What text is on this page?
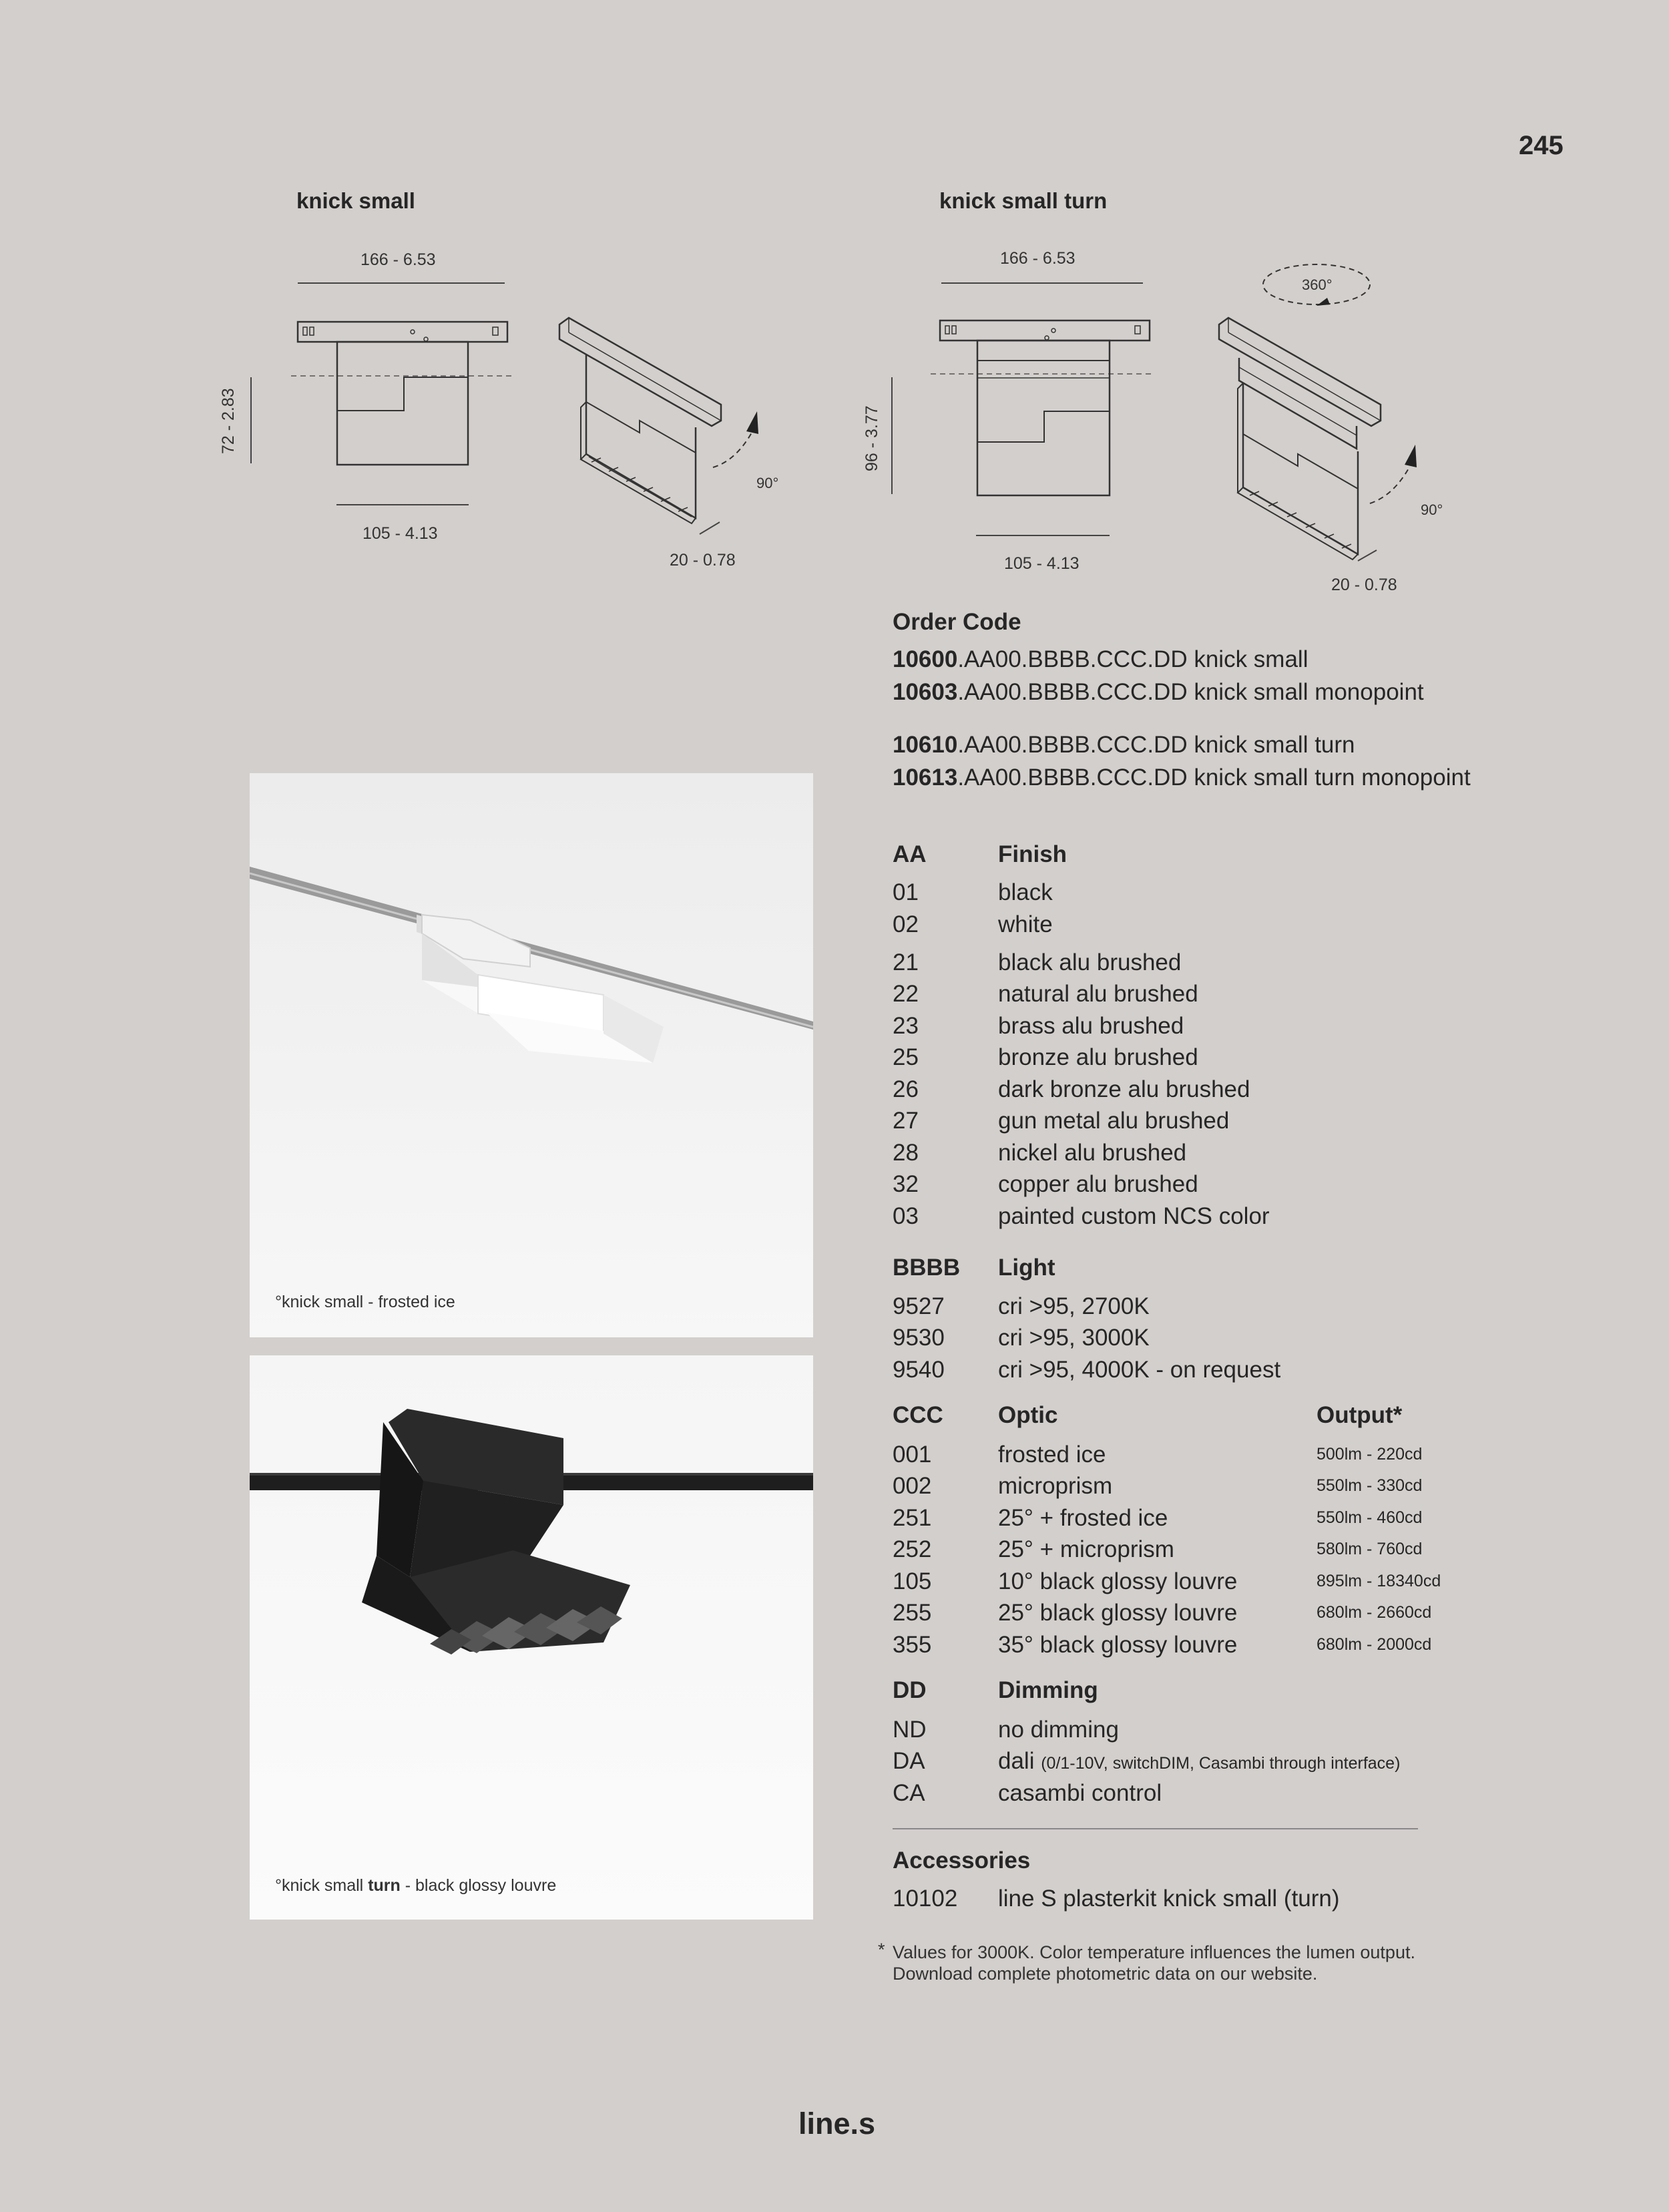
245
knick small
166 - 6.53
72 - 2.83
105 - 4.13
20 - 0.78
90°
knick small turn
166 - 6.53
96 - 3.77
105 - 4.13
20 - 0.78
90°
360°
°knick small - frosted ice
°knick small turn - black glossy louvre
Order Code
10600.AA00.BBBB.CCC.DD knick small
10603.AA00.BBBB.CCC.DD knick small monopoint
10610.AA00.BBBB.CCC.DD knick small turn
10613.AA00.BBBB.CCC.DD knick small turn monopoint
AA	Finish
01	black
02	white
21	black alu brushed
22	natural alu brushed
23	brass alu brushed
25	bronze alu brushed
26	dark bronze alu brushed
27	gun metal alu brushed
28	nickel alu brushed
32	copper alu brushed
03	painted custom NCS color
BBBB Light
9527 cri >95, 2700K
9530 cri >95, 3000K
9540 cri >95, 4000K - on request
CCC Optic	Output*
001	frosted ice	500lm - 220cd
002	microprism	550lm - 330cd
251	25° + frosted ice	550lm - 460cd
252	25° + microprism	580lm - 760cd
105	10° black glossy louvre	895lm - 18340cd
255	25° black glossy louvre	680lm - 2660cd
355	35° black glossy louvre	680lm - 2000cd
DD	Dimming
ND	no dimming
DA	dali (0/1-10V, switchDIM, Casambi through interface)
CA	casambi control
Accessories
10102 line S plasterkit knick small (turn)
* Values for 3000K. Color temperature influences the lumen output.
Download complete photometric data on our website.
line.s
